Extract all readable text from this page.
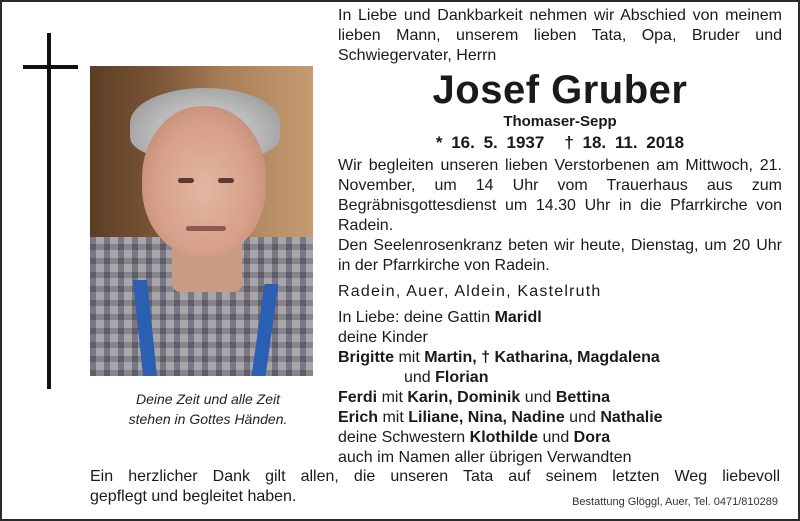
Deine Zeit und alle Zeit
stehen in Gottes Händen.

In Liebe und Dankbarkeit nehmen wir Abschied von meinem lieben Mann, unserem lieben Tata, Opa, Bruder und Schwiegervater, Herrn

Josef Gruber
Thomaser-Sepp
* 16. 5. 1937 † 18. 11. 2018

Wir begleiten unseren lieben Verstorbenen am Mittwoch, 21. November, um 14 Uhr vom Trauerhaus aus zum Begräbnisgottesdienst um 14.30 Uhr in die Pfarrkirche von Radein.

Den Seelenrosenkranz beten wir heute, Dienstag, um 20 Uhr in der Pfarrkirche von Radein.

Radein, Auer, Aldein, Kastelruth
In Liebe: deine Gattin Maridl
deine Kinder
Brigitte mit Martin, † Katharina, Magdalena
und Florian
Ferdi mit Karin, Dominik und Bettina
Erich mit Liliane, Nina, Nadine und Nathalie
deine Schwestern Klothilde und Dora
auch im Namen aller übrigen Verwandten
Ein herzlicher Dank gilt allen, die unseren Tata auf seinem letzten Weg liebevoll
gepflegt und begleitet haben.	Bestattung Glöggl, Auer, Tel. 0471/810289
